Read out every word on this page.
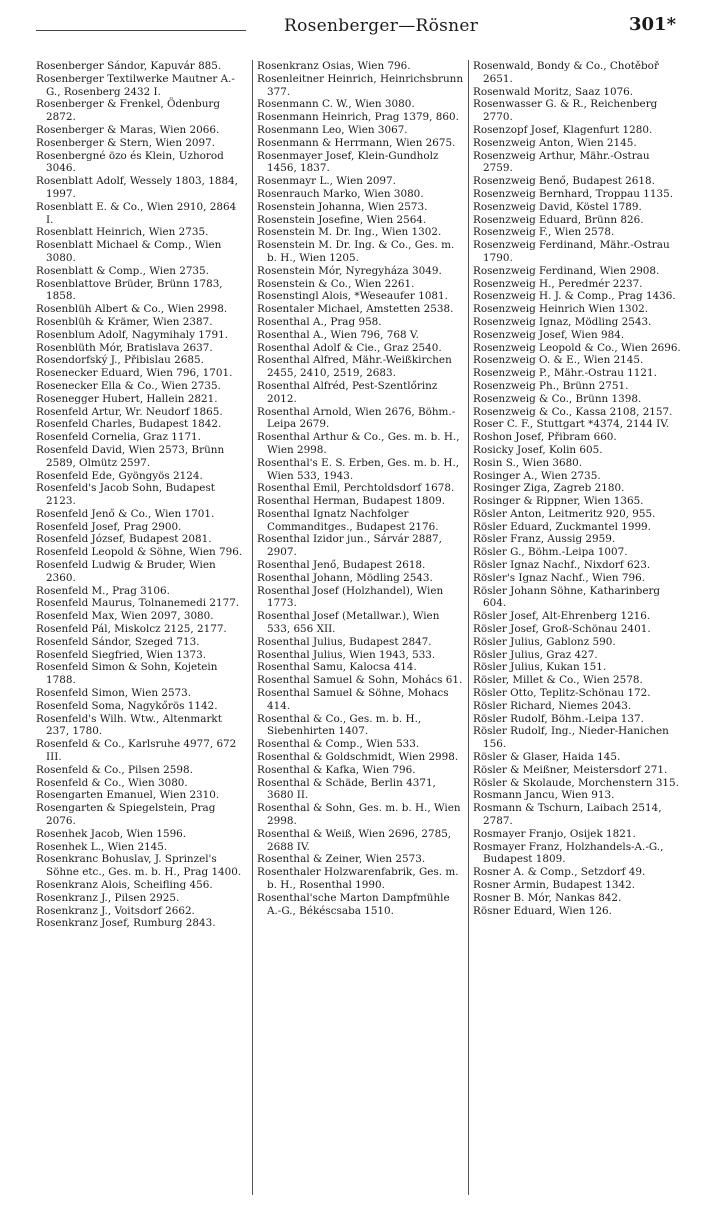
Rosenberger—Rösner	301*

Rosenberger Sándor, Kapuvár 885.

Rosenberger Textilwerke Mautner A.-G., Rosenberg 2432 I.

Rosenberger & Frenkel, Ödenburg 2872.

Rosenberger & Maras, Wien 2066.

Rosenberger & Stern, Wien 2097.

Rosenbergné özo és Klein, Uzhorod 3046.

Rosenblatt Adolf, Wessely 1803, 1884, 1997.

Rosenblatt E. & Co., Wien 2910, 2864 I.

Rosenblatt Heinrich, Wien 2735.

Rosenblatt Michael & Comp., Wien 3080.

Rosenblatt & Comp., Wien 2735.

Rosenblattove Brüder, Brünn 1783, 1858.

Rosenblüh Albert & Co., Wien 2998.

Rosenblüh & Krämer, Wien 2387.

Rosenblum Adolf, Nagymihaly 1791.

Rosenblüth Mór, Bratislava 2637.

Rosendorfský J., Přibislau 2685.

Rosenecker Eduard, Wien 796, 1701.

Rosenecker Ella & Co., Wien 2735.

Rosenegger Hubert, Hallein 2821.

Rosenfeld Artur, Wr. Neudorf 1865.

Rosenfeld Charles, Budapest 1842.

Rosenfeld Cornelia, Graz 1171.

Rosenfeld David, Wien 2573, Brünn 2589, Olmütz 2597.

Rosenfeld Ede, Gyöngyös 2124.

Rosenfeld's Jacob Sohn, Budapest 2123.

Rosenfeld Jenő & Co., Wien 1701.

Rosenfeld Josef, Prag 2900.

Rosenfeld József, Budapest 2081.

Rosenfeld Leopold & Söhne, Wien 796.

Rosenfeld Ludwig & Bruder, Wien 2360.

Rosenfeld M., Prag 3106.

Rosenfeld Maurus, Tolnanemedi 2177.

Rosenfeld Max, Wien 2097, 3080.

Rosenfeld Pál, Miskolcz 2125, 2177.

Rosenfeld Sándor, Szeged 713.

Rosenfeld Siegfried, Wien 1373.

Rosenfeld Simon & Sohn, Kojetein 1788.

Rosenfeld Simon, Wien 2573.

Rosenfeld Soma, Nagykőrös 1142.

Rosenfeld's Wilh. Wtw., Altenmarkt 237, 1780.

Rosenfeld & Co., Karlsruhe 4977, 672 III.

Rosenfeld & Co., Pilsen 2598.

Rosenfeld & Co., Wien 3080.

Rosengarten Emanuel, Wien 2310.

Rosengarten & Spiegelstein, Prag 2076.

Rosenhek Jacob, Wien 1596.

Rosenhek L., Wien 2145.

Rosenkranc Bohuslav, J. Sprinzel's Söhne etc., Ges. m. b. H., Prag 1400.

Rosenkranz Alois, Scheifling 456.

Rosenkranz J., Pilsen 2925.

Rosenkranz J., Voitsdorf 2662.

Rosenkranz Josef, Rumburg 2843.

Rosenkranz Osias, Wien 796.

Rosenleitner Heinrich, Heinrichsbrunn 377.

Rosenmann C. W., Wien 3080.

Rosenmann Heinrich, Prag 1379, 860.

Rosenmann Leo, Wien 3067.

Rosenmann & Herrmann, Wien 2675.

Rosenmayer Josef, Klein-Gundholz 1456, 1837.

Rosenmayr L., Wien 2097.

Rosenrauch Marko, Wien 3080.

Rosenstein Johanna, Wien 2573.

Rosenstein Josefine, Wien 2564.

Rosenstein M. Dr. Ing., Wien 1302.

Rosenstein M. Dr. Ing. & Co., Ges. m. b. H., Wien 1205.

Rosenstein Mór, Nyregyháza 3049.

Rosenstein & Co., Wien 2261.

Rosenstingl Alois, *Weseaufer 1081.

Rosentaler Michael, Amstetten 2538.

Rosenthal A., Prag 958.

Rosenthal A., Wien 796, 768 V.

Rosenthal Adolf & Cie., Graz 2540.

Rosenthal Alfred, Mähr.-Weißkirchen 2455, 2410, 2519, 2683.

Rosenthal Alfréd, Pest-Szentlőrinz 2012.

Rosenthal Arnold, Wien 2676, Böhm.-Leipa 2679.

Rosenthal Arthur & Co., Ges. m. b. H., Wien 2998.

Rosenthal's E. S. Erben, Ges. m. b. H., Wien 533, 1943.

Rosenthal Emil, Perchtoldsdorf 1678.

Rosenthal Herman, Budapest 1809.

Rosenthal Ignatz Nachfolger Commanditges., Budapest 2176.

Rosenthal Izidor jun., Sárvár 2887, 2907.

Rosenthal Jenő, Budapest 2618.

Rosenthal Johann, Mödling 2543.

Rosenthal Josef (Holzhandel), Wien 1773.

Rosenthal Josef (Metallwar.), Wien 533, 656 XII.

Rosenthal Julius, Budapest 2847.

Rosenthal Julius, Wien 1943, 533.

Rosenthal Samu, Kalocsa 414.

Rosenthal Samuel & Sohn, Mohács 61.

Rosenthal Samuel & Söhne, Mohacs 414.

Rosenthal & Co., Ges. m. b. H., Siebenhirten 1407.

Rosenthal & Comp., Wien 533.

Rosenthal & Goldschmidt, Wien 2998.

Rosenthal & Kafka, Wien 796.

Rosenthal & Schäde, Berlin 4371, 3680 II.

Rosenthal & Sohn, Ges. m. b. H., Wien 2998.

Rosenthal & Weiß, Wien 2696, 2785, 2688 IV.

Rosenthal & Zeiner, Wien 2573.

Rosenthaler Holzwarenfabrik, Ges. m. b. H., Rosenthal 1990.

Rosenthal'sche Marton Dampfmühle A.-G., Békéscsaba 1510.

Rosenwald, Bondy & Co., Chotěboř 2651.

Rosenwald Moritz, Saaz 1076.

Rosenwasser G. & R., Reichenberg 2770.

Rosenzopf Josef, Klagenfurt 1280.

Rosenzweig Anton, Wien 2145.

Rosenzweig Arthur, Mähr.-Ostrau 2759.

Rosenzweig Benő, Budapest 2618.

Rosenzweig Bernhard, Troppau 1135.

Rosenzweig David, Köstel 1789.

Rosenzweig Eduard, Brünn 826.

Rosenzweig F., Wien 2578.

Rosenzweig Ferdinand, Mähr.-Ostrau 1790.

Rosenzweig Ferdinand, Wien 2908.

Rosenzweig H., Peredmér 2237.

Rosenzweig H. J. & Comp., Prag 1436.

Rosenzweig Heinrich Wien 1302.

Rosenzweig Ignaz, Mödling 2543.

Rosenzweig Josef, Wien 984.

Rosenzweig Leopold & Co., Wien 2696.

Rosenzweig O. & E., Wien 2145.

Rosenzweig P., Mähr.-Ostrau 1121.

Rosenzweig Ph., Brünn 2751.

Rosenzweig & Co., Brünn 1398.

Rosenzweig & Co., Kassa 2108, 2157.

Roser C. F., Stuttgart *4374, 2144 IV.

Roshon Josef, Přibram 660.

Rosicky Josef, Kolin 605.

Rosin S., Wien 3680.

Rosinger A., Wien 2735.

Rosinger Ziga, Zagreb 2180.

Rosinger & Rippner, Wien 1365.

Rösler Anton, Leitmeritz 920, 955.

Rösler Eduard, Zuckmantel 1999.

Rösler Franz, Aussig 2959.

Rösler G., Böhm.-Leipa 1007.

Rösler Ignaz Nachf., Nixdorf 623.

Rösler's Ignaz Nachf., Wien 796.

Rösler Johann Söhne, Katharinberg 604.

Rösler Josef, Alt-Ehrenberg 1216.

Rösler Josef, Groß-Schönau 2401.

Rösler Julius, Gablonz 590.

Rösler Julius, Graz 427.

Rösler Julius, Kukan 151.

Rösler, Millet & Co., Wien 2578.

Rösler Otto, Teplitz-Schönau 172.

Rösler Richard, Niemes 2043.

Rösler Rudolf, Böhm.-Leipa 137.

Rösler Rudolf, Ing., Nieder-Hanichen 156.

Rösler & Glaser, Haida 145.

Rösler & Meißner, Meistersdorf 271.

Rösler & Skolaude, Morchenstern 315.

Rosmann Jancu, Wien 913.

Rosmann & Tschurn, Laibach 2514, 2787.

Rosmayer Franjo, Osijek 1821.

Rosmayer Franz, Holzhandels-A.-G., Budapest 1809.

Rosner A. & Comp., Setzdorf 49.

Rosner Armin, Budapest 1342.

Rosner B. Mór, Nankas 842.

Rösner Eduard, Wien 126.
